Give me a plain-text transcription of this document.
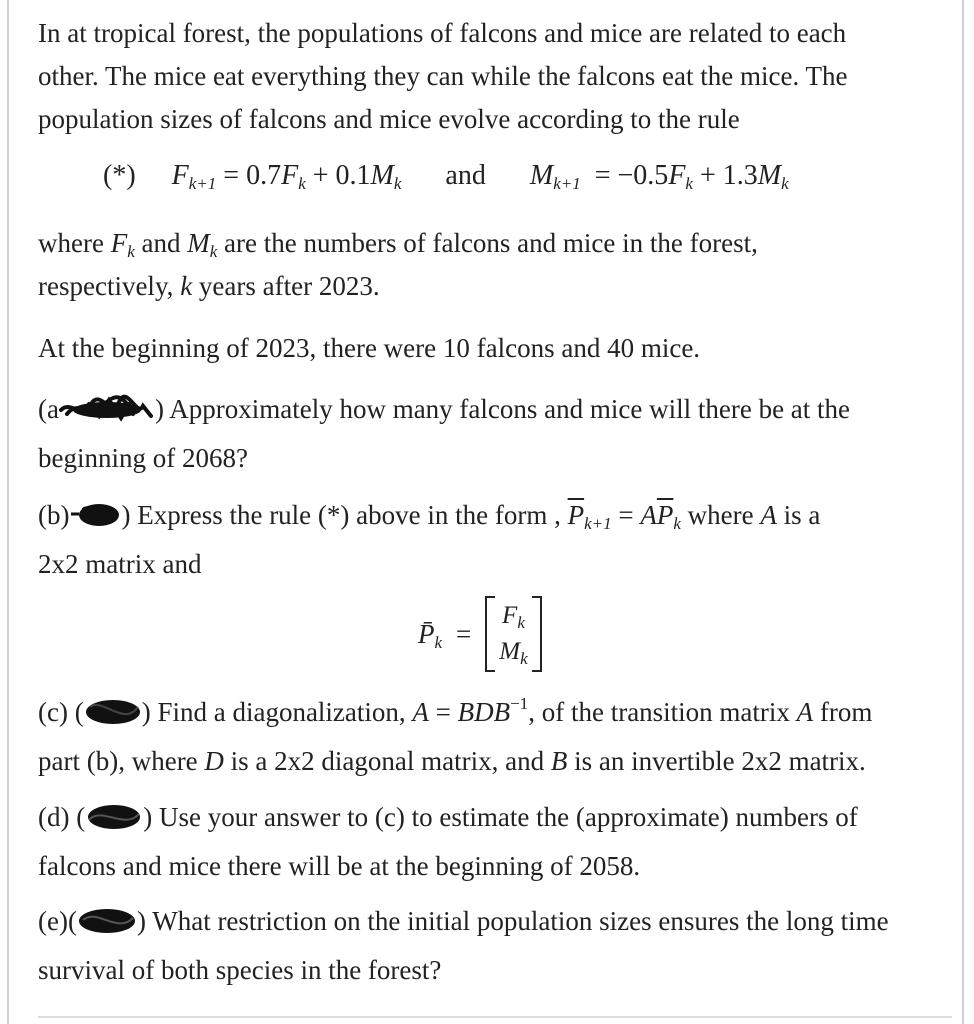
In at tropical forest, the populations of falcons and mice are related to each
other. The mice eat everything they can while the falcons eat the mice. The
population sizes of falcons and mice evolve according to the rule

(*) $F_{k+1} = 0.7F_k + 0.1M_k$ and $M_{k+1} = -0.5F_k + 1.3M_k$

where $F_k$ and $M_k$ are the numbers of falcons and mice in the forest,
respectively, k years after 2023.

At the beginning of 2023, there were 10 falcons and 40 mice.

(a	) Approximately how many falcons and mice will there be at the
beginning of 2068?

(b) ) Express the rule (*) above in the form , $\overline{P}_{k+1} = A\overline{P}_k$ where A is a
2x2 matrix and

$P̄_k$ =
$F_k$
$M_k$

(c) ( ) Find a diagonalization, $A = BDB^{-1}$, of the transition matrix A from
part (b), where D is a 2x2 diagonal matrix, and B is an invertible 2x2 matrix.

(d) ( ) Use your answer to (c) to estimate the (approximate) numbers of
falcons and mice there will be at the beginning of 2058.

(e)( ) What restriction on the initial population sizes ensures the long time
survival of both species in the forest?
